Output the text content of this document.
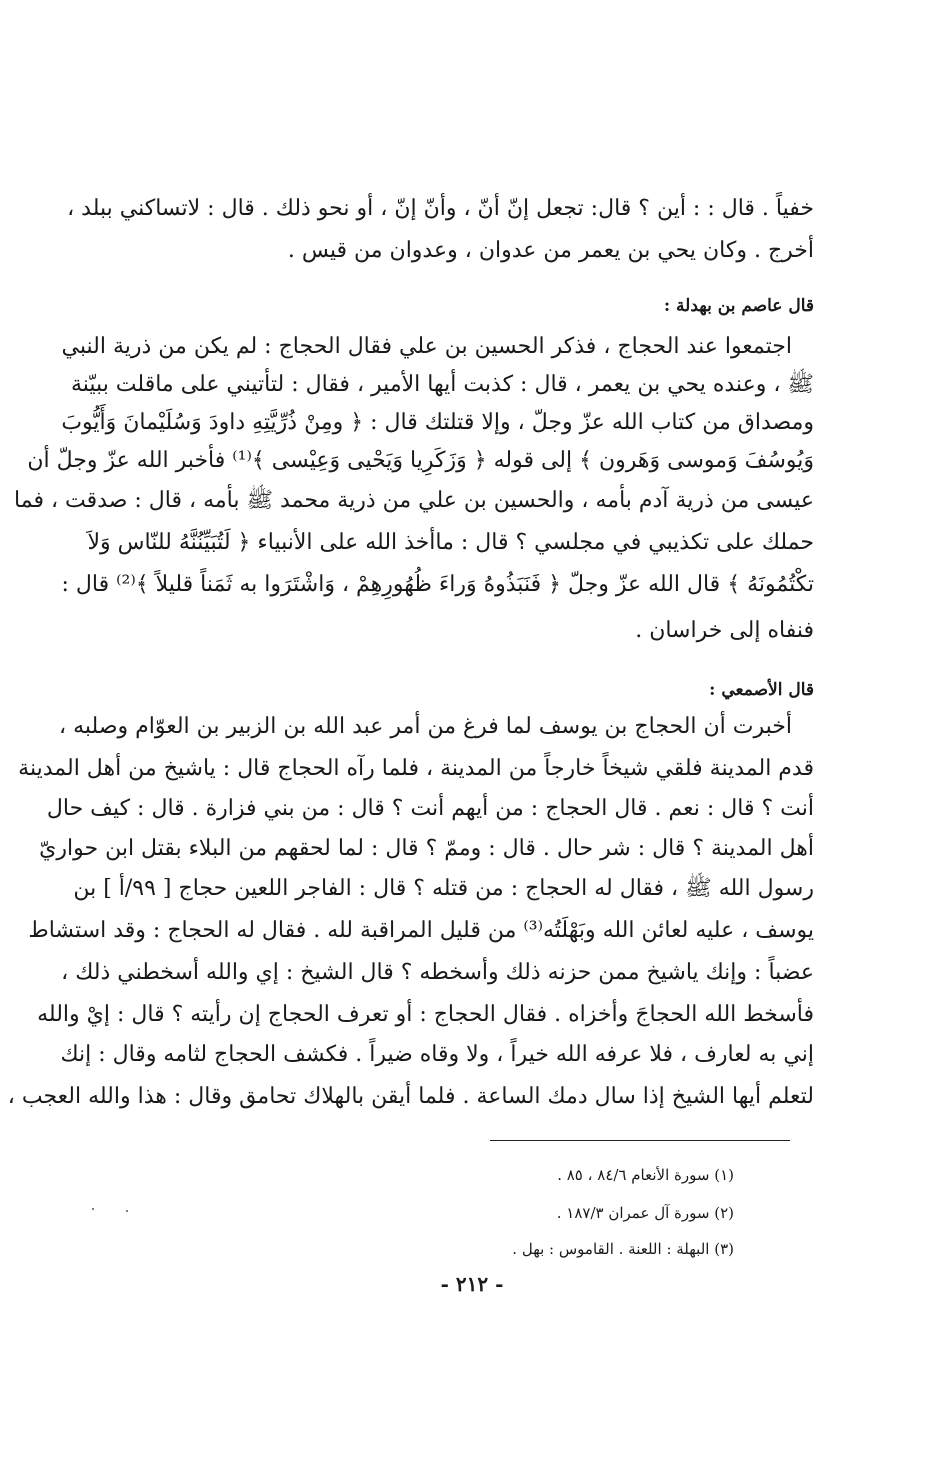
خفياً . قال : : أين ؟ قال: تجعل إنّ أنّ ، وأنّ إنّ ، أو نحو ذلك . قال : لاتساكني ببلد ،
أخرج . وكان يحي بن يعمر من عدوان ، وعدوان من قيس .
قال عاصم بن بهدلة :
اجتمعوا عند الحجاج ، فذكر الحسين بن علي فقال الحجاج : لم يكن من ذرية النبي
ﷺ ، وعنده يحي بن يعمر ، قال : كذبت أيها الأمير ، فقال : لتأتيني على ماقلت ببيّنة
ومصداق من كتاب الله عزّ وجلّ ، وإلا قتلتك قال : ﴿ ومِنْ ذُرِّيَّتِهِ داودَ وَسُلَيْمانَ وَأَيُّوبَ
وَيُوسُفَ وَموسى وَهَرون ﴾ إلى قوله ﴿ وَزَكَرِيا وَيَحْيى وَعِيْسى ﴾⁽¹⁾ فأخبر الله عزّ وجلّ أن
عيسى من ذرية آدم بأمه ، والحسين بن علي من ذرية محمد ﷺ بأمه ، قال : صدقت ، فما
حملك على تكذيبي في مجلسي ؟ قال : ماأخذ الله على الأنبياء ﴿ لَتُبَيِّنُنَّهُ للنّاس وَلاَ
تكْتُمُونَهُ ﴾ قال الله عزّ وجلّ ﴿ فَنَبَذُوهُ وَراءَ ظُهُورِهِمْ ، وَاشْتَرَوا به ثَمَناً قليلاً ﴾⁽²⁾ قال :
فنفاه إلى خراسان .
قال الأصمعي :
أخبرت أن الحجاج بن يوسف لما فرغ من أمر عبد الله بن الزبير بن العوّام وصلبه ،
قدم المدينة فلقي شيخاً خارجاً من المدينة ، فلما رآه الحجاج قال : ياشيخ من أهل المدينة
أنت ؟ قال : نعم . قال الحجاج : من أيهم أنت ؟ قال : من بني فزارة . قال : كيف حال
أهل المدينة ؟ قال : شر حال . قال : وممّ ؟ قال : لما لحقهم من البلاء بقتل ابن حواريّ
رسول الله ﷺ ، فقال له الحجاج : من قتله ؟ قال : الفاجر اللعين حجاج [ ٩٩/أ ] بن
يوسف ، عليه لعائن الله وبَهْلَتُه⁽³⁾ من قليل المراقبة لله . فقال له الحجاج : وقد استشاط
عضباً : وإنك ياشيخ ممن حزنه ذلك وأسخطه ؟ قال الشيخ : إي والله أسخطني ذلك ،
فأسخط الله الحجاجَ وأخزاه . فقال الحجاج : أو تعرف الحجاج إن رأيته ؟ قال : إيْ والله
إني به لعارف ، فلا عرفه الله خيراً ، ولا وقاه ضيراً . فكشف الحجاج لثامه وقال : إنك
لتعلم أيها الشيخ إذا سال دمك الساعة . فلما أيقن بالهلاك تحامق وقال : هذا والله العجب ،
(١) سورة الأنعام ٨٤/٦ ، ٨٥ .
(٢) سورة آل عمران ١٨٧/٣ .
(٣) البهلة : اللعنة . القاموس : بهل .
- ٢١٢ -
